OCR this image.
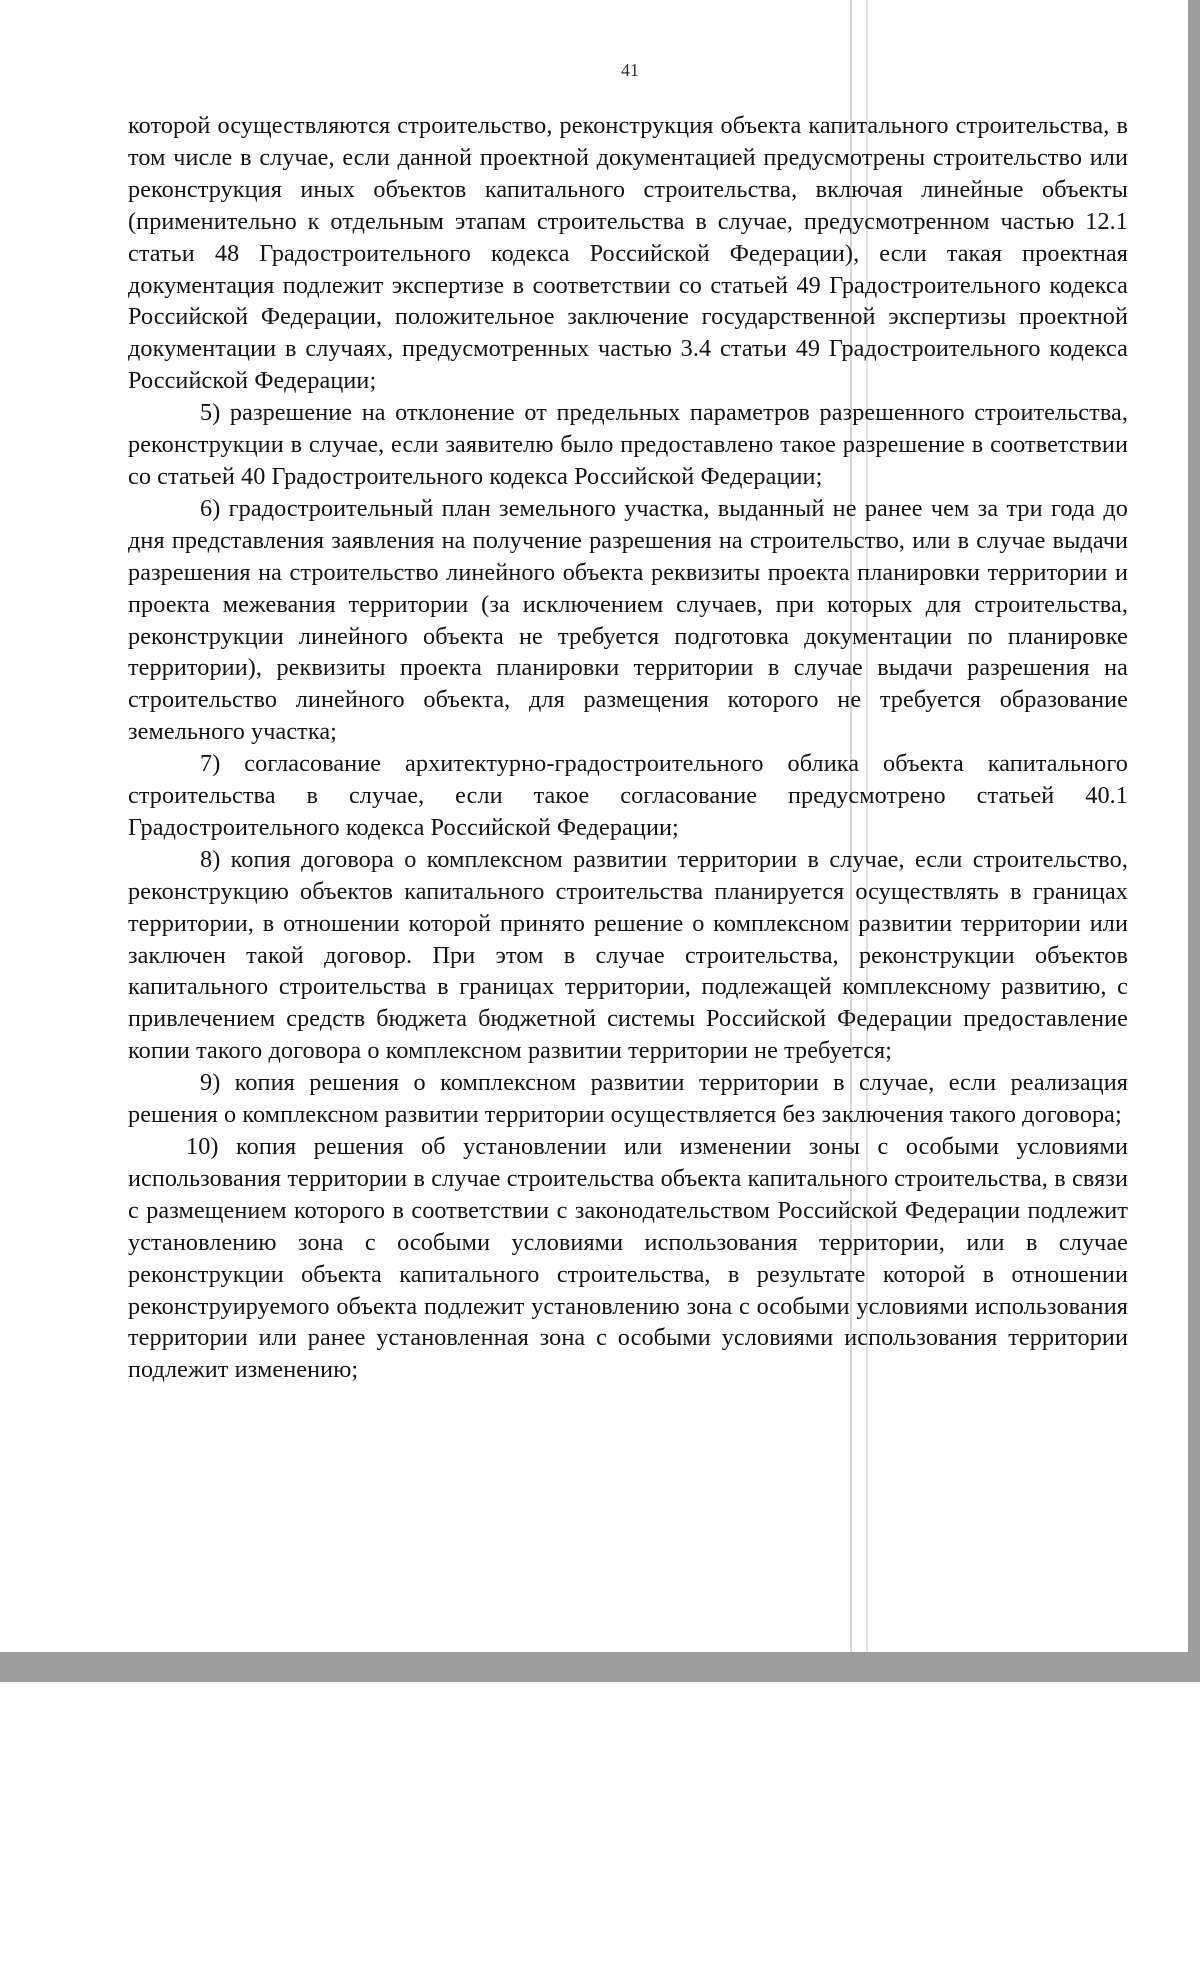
41

которой осуществляются строительство, реконструкция объекта капитального строительства, в том числе в случае, если данной проектной документацией предусмотрены строительство или реконструкция иных объектов капитального строительства, включая линейные объекты (применительно к отдельным этапам строительства в случае, предусмотренном частью 12.1 статьи 48 Градостроительного кодекса Российской Федерации), если такая проектная документация подлежит экспертизе в соответствии со статьей 49 Градостроительного кодекса Российской Федерации, положительное заключение государственной экспертизы проектной документации в случаях, предусмотренных частью 3.4 статьи 49 Градостроительного кодекса Российской Федерации;

5) разрешение на отклонение от предельных параметров разрешенного строительства, реконструкции в случае, если заявителю было предоставлено такое разрешение в соответствии со статьей 40 Градостроительного кодекса Российской Федерации;

6) градостроительный план земельного участка, выданный не ранее чем за три года до дня представления заявления на получение разрешения на строительство, или в случае выдачи разрешения на строительство линейного объекта реквизиты проекта планировки территории и проекта межевания территории (за исключением случаев, при которых для строительства, реконструкции линейного объекта не требуется подготовка документации по планировке территории), реквизиты проекта планировки территории в случае выдачи разрешения на строительство линейного объекта, для размещения которого не требуется образование земельного участка;

7) согласование архитектурно-градостроительного облика объекта капитального строительства в случае, если такое согласование предусмотрено статьей 40.1 Градостроительного кодекса Российской Федерации;

8) копия договора о комплексном развитии территории в случае, если строительство, реконструкцию объектов капитального строительства планируется осуществлять в границах территории, в отношении которой принято решение о комплексном развитии территории или заключен такой договор. При этом в случае строительства, реконструкции объектов капитального строительства в границах территории, подлежащей комплексному развитию, с привлечением средств бюджета бюджетной системы Российской Федерации предоставление копии такого договора о комплексном развитии территории не требуется;

9) копия решения о комплексном развитии территории в случае, если реализация решения о комплексном развитии территории осуществляется без заключения такого договора;

10) копия решения об установлении или изменении зоны с особыми условиями использования территории в случае строительства объекта капитального строительства, в связи с размещением которого в соответствии с законодательством Российской Федерации подлежит установлению зона с особыми условиями использования территории, или в случае реконструкции объекта капитального строительства, в результате которой в отношении реконструируемого объекта подлежит установлению зона с особыми условиями использования территории или ранее установленная зона с особыми условиями использования территории подлежит изменению;
